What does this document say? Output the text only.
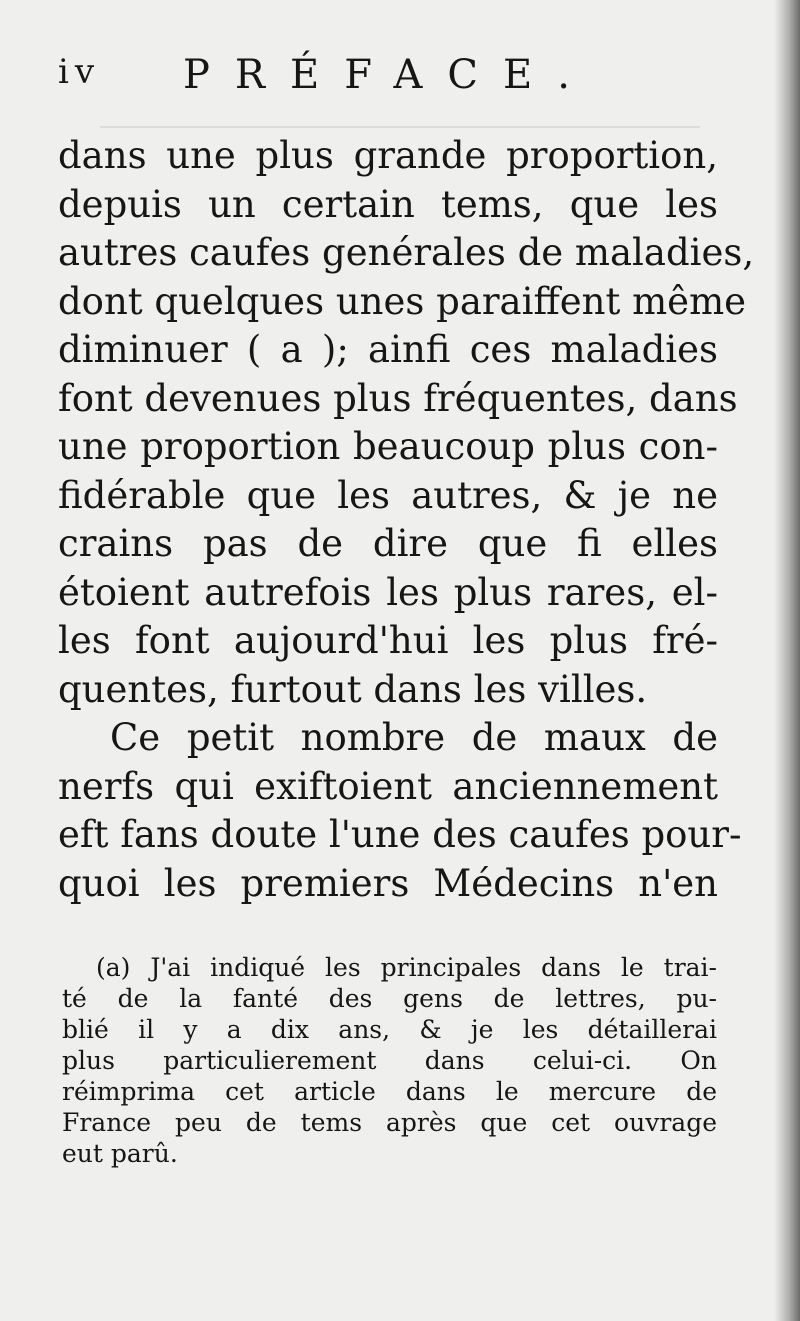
iv PRÉFACE.
dans une plus grande proportion,
depuis un certain tems, que les
autres caufes genérales de maladies,
dont quelques unes paraiffent même
diminuer ( a ); ainfi ces maladies
font devenues plus fréquentes, dans
une proportion beaucoup plus con-
fidérable que les autres, & je ne
crains pas de dire que fi elles
étoient autrefois les plus rares, el-
les font aujourd'hui les plus fré-
quentes, furtout dans les villes.
Ce petit nombre de maux de
nerfs qui exiftoient anciennement
eft fans doute l'une des caufes pour-
quoi les premiers Médecins n'en
(a) J'ai indiqué les principales dans le trai-
té de la fanté des gens de lettres, pu-
blié il y a dix ans, & je les détaillerai
plus particulierement dans celui-ci. On
réimprima cet article dans le mercure de
France peu de tems après que cet ouvrage
eut parû.
